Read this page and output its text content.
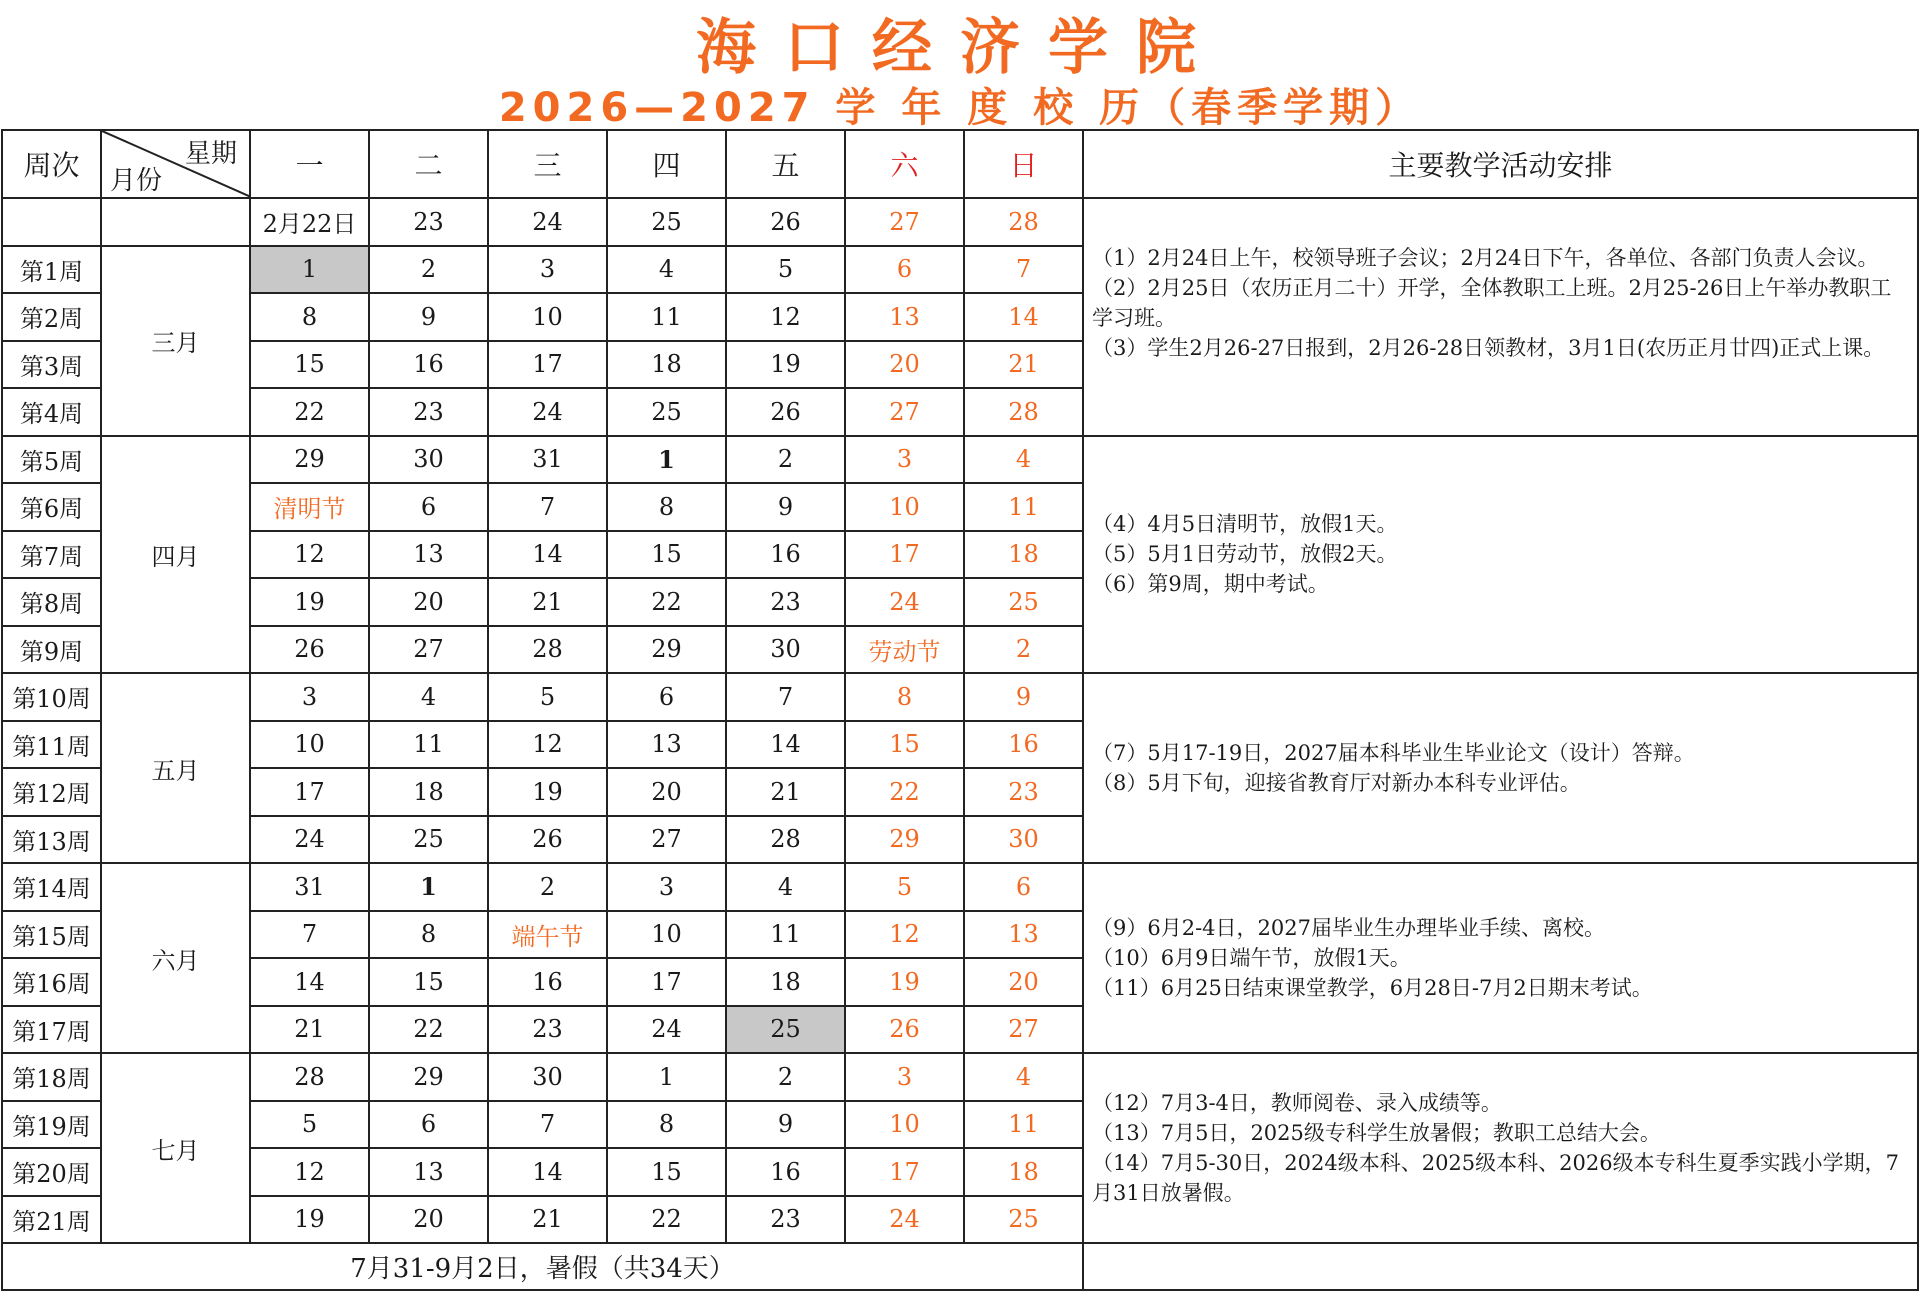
海口经济学院
2026—2027 学 年 度 校 历（春季学期）
周次	星期
月份	一	二	三	四	五	六	日	主要教学活动安排
		2月22日	23	24	25	26	27	28	（1）2月24日上午，校领导班子会议；2月24日下午，各单位、各部门负责人会议。

（2）2月25日（农历正月二十）开学，全体教职工上班。2月25-26日上午举办教职工学习班。

（3）学生2月26-27日报到，2月26-28日领教材，3月1日(农历正月廿四)正式上课。

第1周	三月	1	2	3	4	5	6	7	
第2周		8	9	10	11	12	13	14	
第3周		15	16	17	18	19	20	21	
第4周		22	23	24	25	26	27	28	
第5周	四月	29	30	31	1	2	3	4	（4）4月5日清明节，放假1天。

（5）5月1日劳动节，放假2天。

（6）第9周，期中考试。

第6周		清明节	6	7	8	9	10	11	
第7周		12	13	14	15	16	17	18	
第8周		19	20	21	22	23	24	25	
第9周		26	27	28	29	30	劳动节	2	
第10周	五月	3	4	5	6	7	8	9	（7）5月17-19日，2027届本科毕业生毕业论文（设计）答辩。

（8）5月下旬，迎接省教育厅对新办本科专业评估。

第11周		10	11	12	13	14	15	16	
第12周		17	18	19	20	21	22	23	
第13周		24	25	26	27	28	29	30	
第14周	六月	31	1	2	3	4	5	6	（9）6月2-4日，2027届毕业生办理毕业手续、离校。

（10）6月9日端午节，放假1天。

（11）6月25日结束课堂教学，6月28日-7月2日期末考试。

第15周		7	8	端午节	10	11	12	13	
第16周		14	15	16	17	18	19	20	
第17周		21	22	23	24	25	26	27	
第18周	七月	28	29	30	1	2	3	4	（12）7月3-4日，教师阅卷、录入成绩等。

（13）7月5日，2025级专科学生放暑假；教职工总结大会。

（14）7月5-30日，2024级本科、2025级本科、2026级本专科生夏季实践小学期，7月31日放暑假。

第19周		5	6	7	8	9	10	11	
第20周		12	13	14	15	16	17	18	
第21周		19	20	21	22	23	24	25	
7月31-9月2日，暑假（共34天）									
